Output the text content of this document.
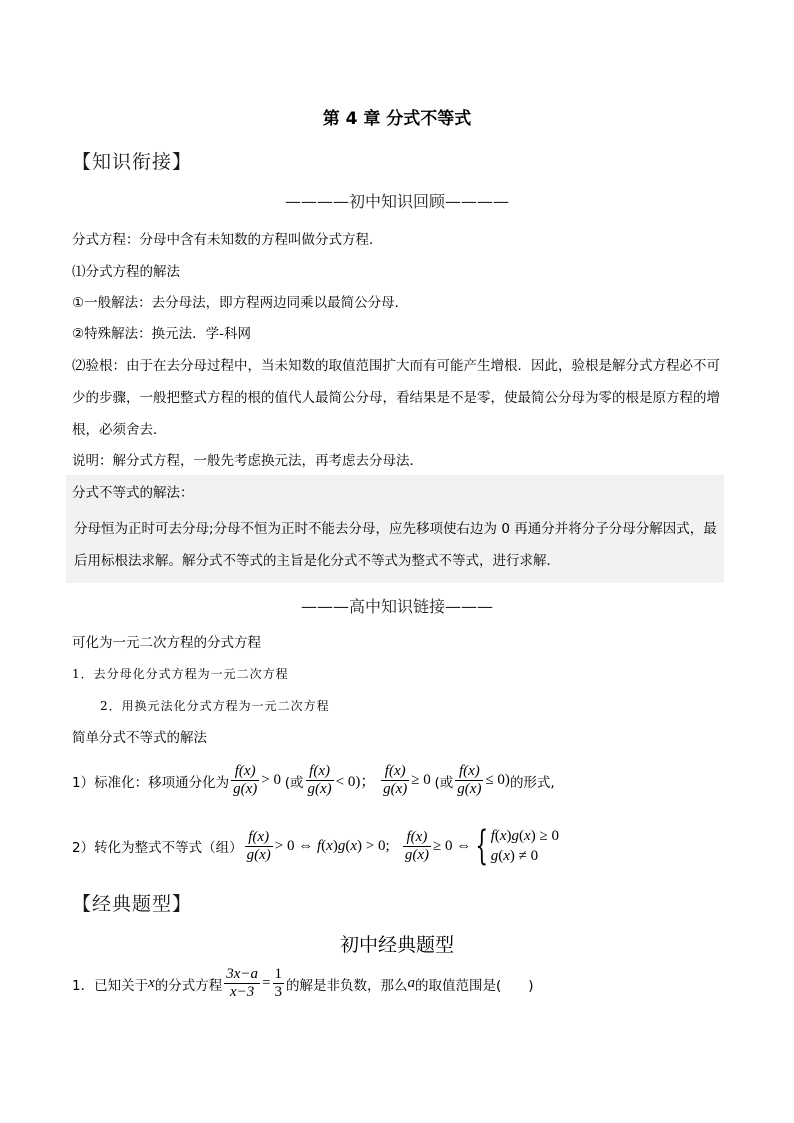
第 4 章 分式不等式
【知识衔接】
————初中知识回顾————
分式方程：分母中含有未知数的方程叫做分式方程．
⑴分式方程的解法
①一般解法：去分母法，即方程两边同乘以最简公分母．
②特殊解法：换元法．学-科网
⑵验根：由于在去分母过程中，当未知数的取值范围扩大而有可能产生增根．因此，验根是解分式方程必不可少的步骤，一般把整式方程的根的值代人最简公分母，看结果是不是零，使最简公分母为零的根是原方程的增根，必须舍去．
说明：解分式方程，一般先考虑换元法，再考虑去分母法．
分式不等式的解法：
分母恒为正时可去分母;分母不恒为正时不能去分母，应先移项使右边为 0 再通分并将分子分母分解因式，最后用标根法求解。解分式不等式的主旨是化分式不等式为整式不等式，进行求解．
———高中知识链接———
可化为一元二次方程的分式方程
1．去分母化分式方程为一元二次方程
2．用换元法化分式方程为一元二次方程
简单分式不等式的解法
1）标准化：移项通分化为 $\frac{f(x)}{g(x)} > 0$ (或 $\frac{f(x)}{g(x)} < 0$)； $\frac{f(x)}{g(x)} \ge 0$ (或 $\frac{f(x)}{g(x)} \le 0$) 的形式,
2）转化为整式不等式（组） $\frac{f(x)}{g(x)} > 0$ ⇔ f(x)g(x) > 0; $\frac{f(x)}{g(x)} \ge 0$ ⇔ { f(x)g(x) ≥ 0
g(x) ≠ 0
【经典题型】
初中经典题型
1．已知关于 x 的分式方程 $\frac{3x-a}{x-3} = \frac{1}{3}$ 的解是非负数，那么 a 的取值范围是(　　)
